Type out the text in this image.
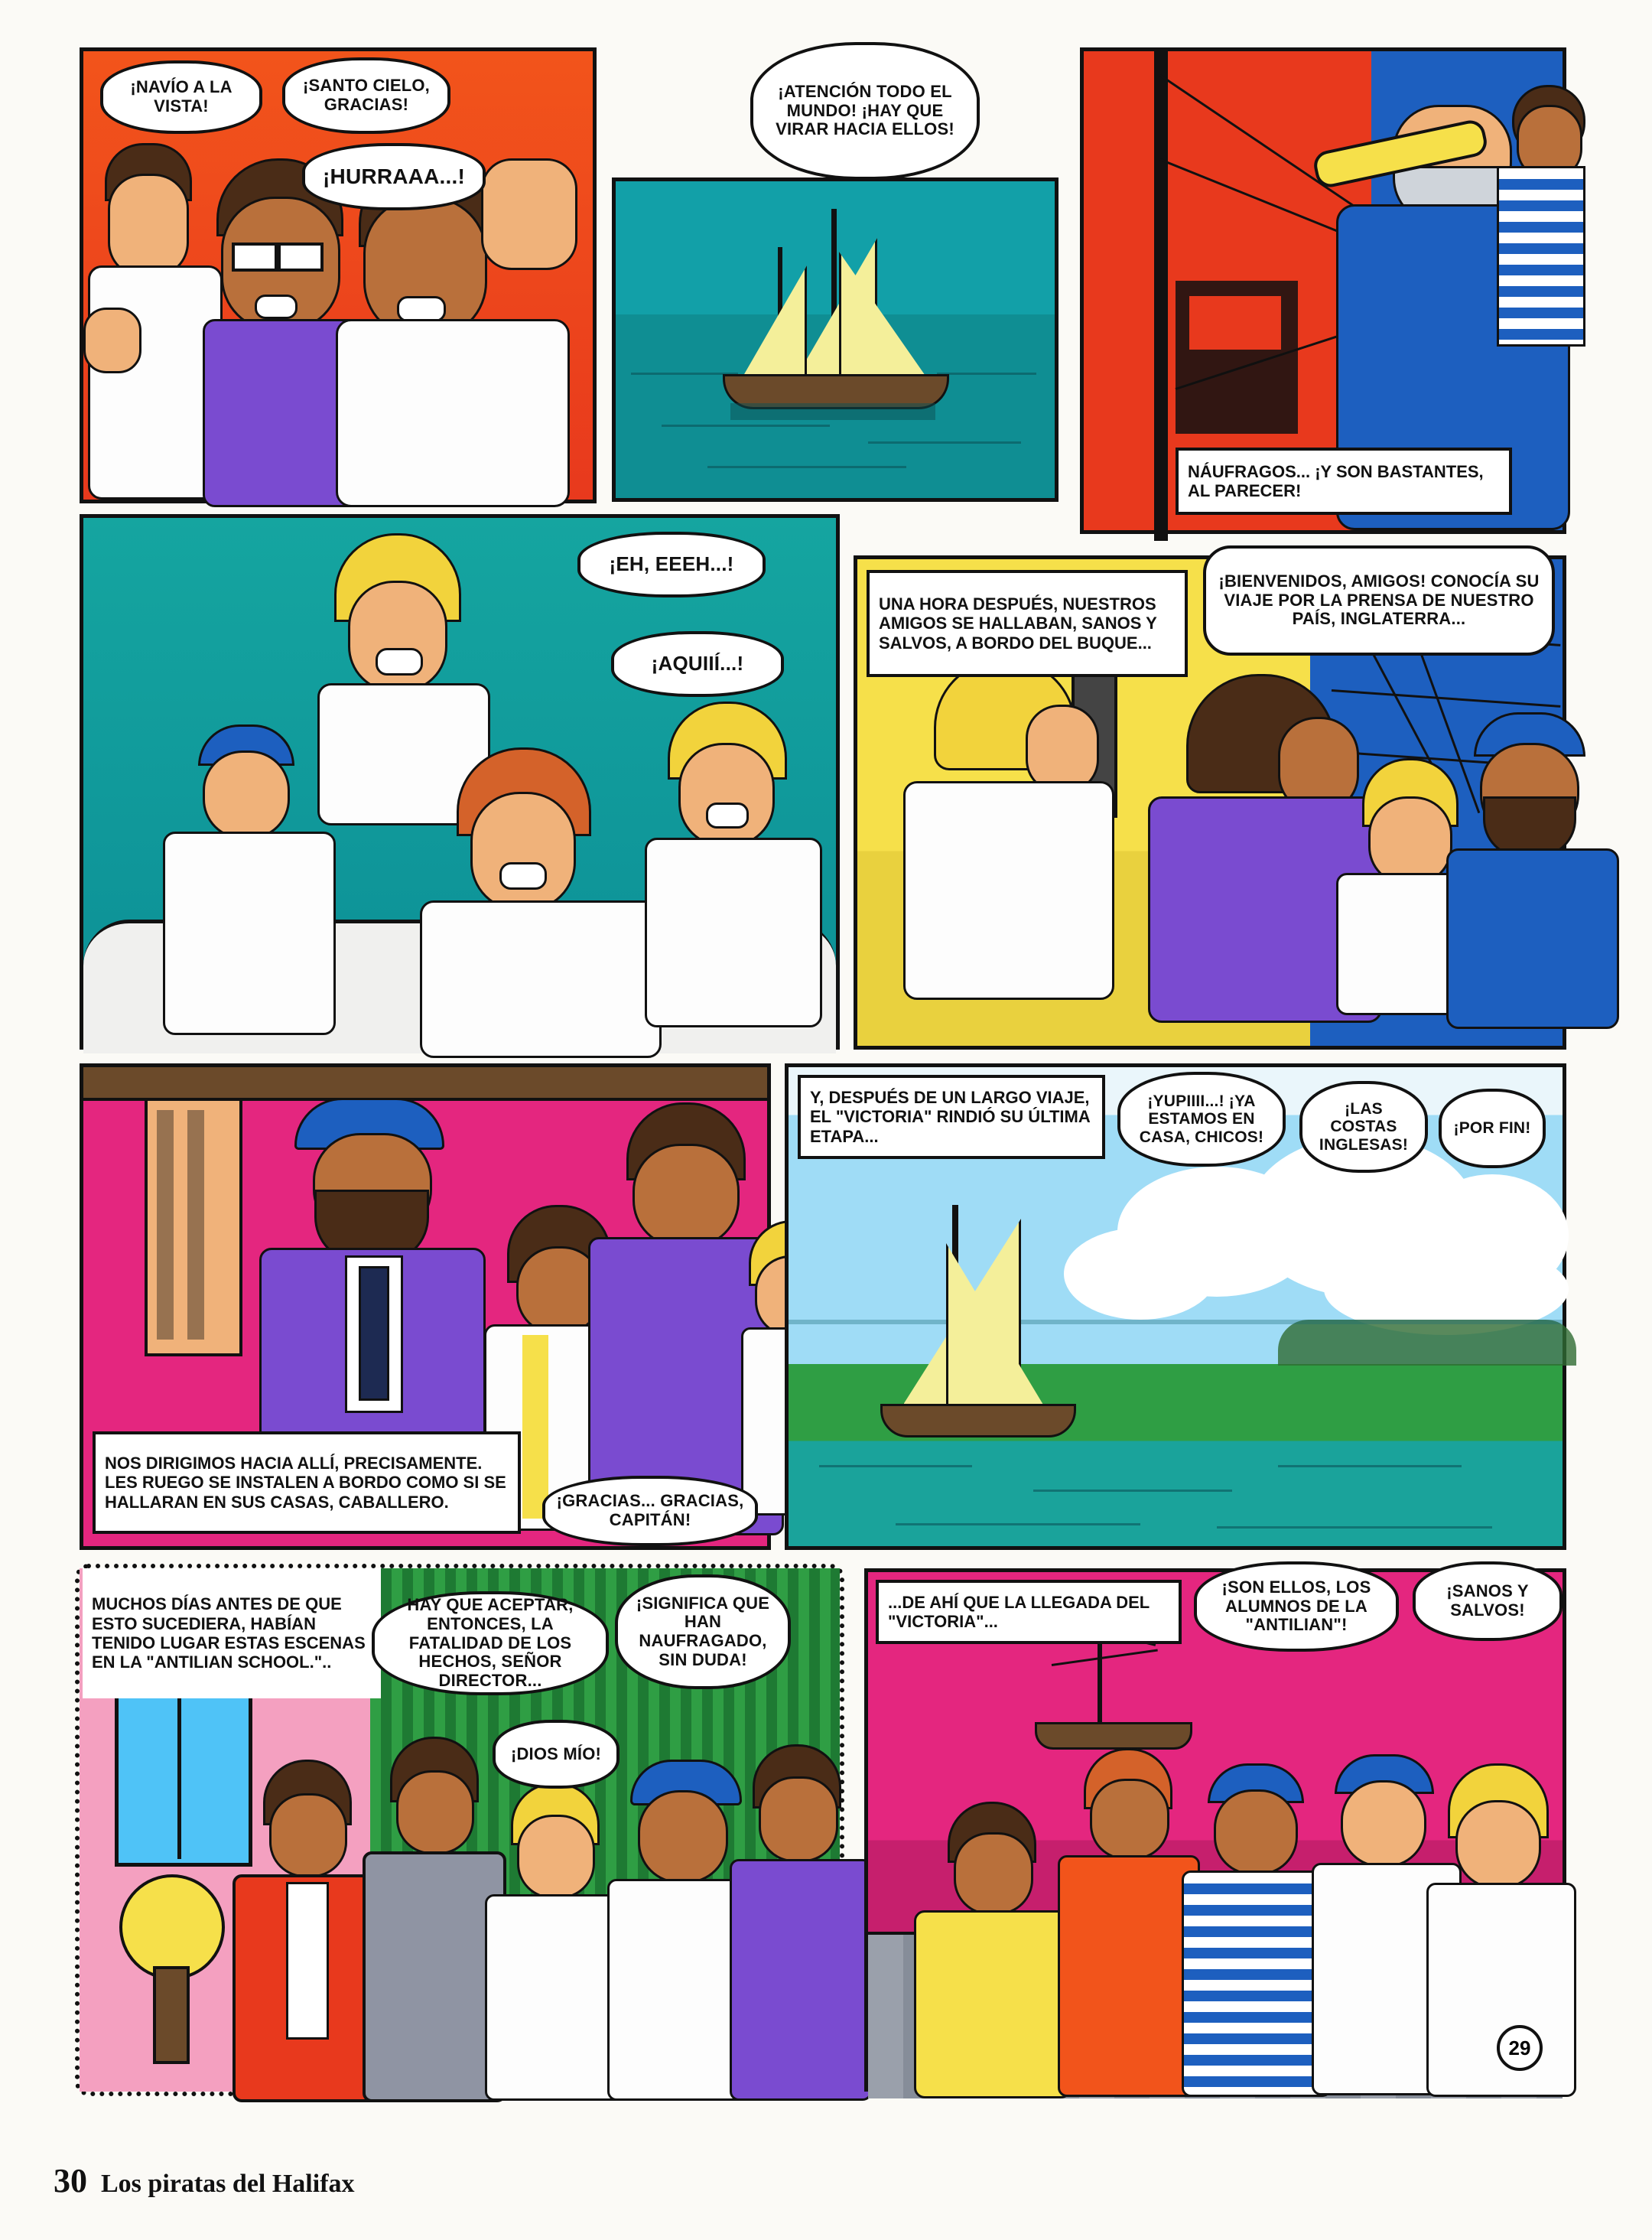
¡NAVÍO A LA VISTA!
¡SANTO CIELO, GRACIAS!
¡HURRAAA...!
¡ATENCIÓN TODO EL MUNDO! ¡HAY QUE VIRAR HACIA ELLOS!
NÁUFRAGOS... ¡Y SON BASTANTES, AL PARECER!
¡EH, EEEH...!
¡AQUIIÍ...!
UNA HORA DESPUÉS, NUESTROS AMIGOS SE HALLABAN, SANOS Y SALVOS, A BORDO DEL BUQUE...
¡BIENVENIDOS, AMIGOS! CONOCÍA SU VIAJE POR LA PRENSA DE NUESTRO PAÍS, INGLATERRA...
NOS DIRIGIMOS HACIA ALLÍ, PRECISAMENTE. LES RUEGO SE INSTALEN A BORDO COMO SI SE HALLARAN EN SUS CASAS, CABALLERO.	¡GRACIAS... GRACIAS, CAPITÁN!
Y, DESPUÉS DE UN LARGO VIAJE, EL "VICTORIA" RINDIÓ SU ÚLTIMA ETAPA...
¡YUPIIII...! ¡YA ESTAMOS EN CASA, CHICOS!
¡LAS COSTAS INGLESAS!
¡POR FIN!
MUCHOS DÍAS ANTES DE QUE ESTO SUCEDIERA, HABÍAN TENIDO LUGAR ESTAS ESCENAS EN LA "ANTILIAN SCHOOL."..
HAY QUE ACEPTAR, ENTONCES, LA FATALIDAD DE LOS HECHOS, SEÑOR DIRECTOR...
¡SIGNIFICA QUE HAN NAUFRAGADO, SIN DUDA!
¡DIOS MÍO!
...DE AHÍ QUE LA LLEGADA DEL "VICTORIA"...
¡SON ELLOS, LOS ALUMNOS DE LA "ANTILIAN"!
¡SANOS Y SALVOS!
29
30 Los piratas del Halifax
